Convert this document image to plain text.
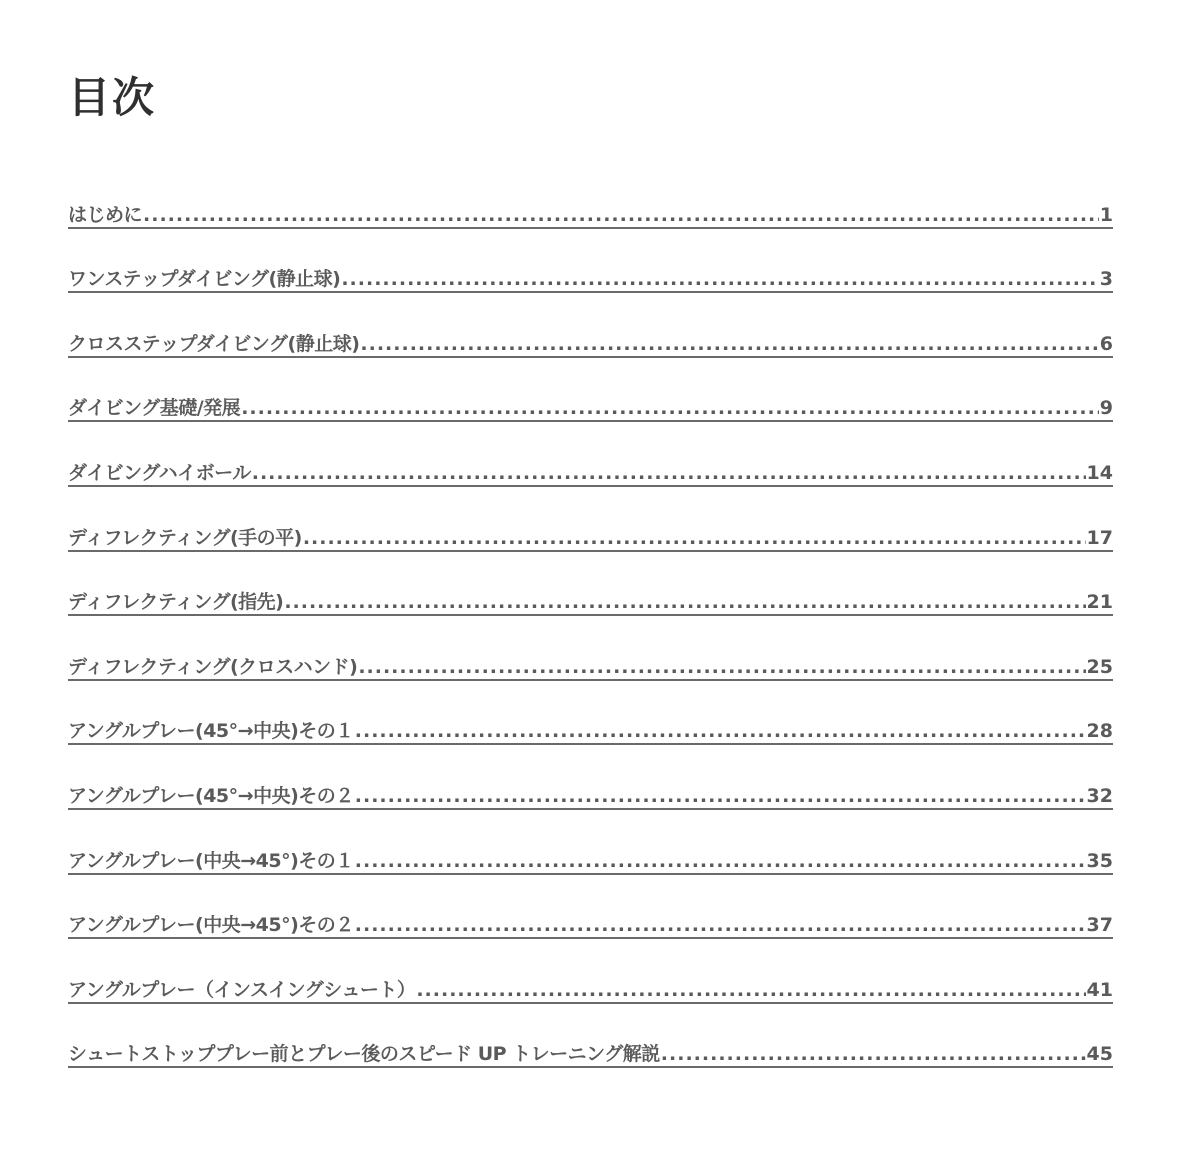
目次
はじめに .....	1
ワンステップダイビング(静止球) .....	3
クロスステップダイビング(静止球) .....	6
ダイビング基礎/発展 .....	9
ダイビングハイボール .....	14
ディフレクティング(手の平) .....	17
ディフレクティング(指先) .....	21
ディフレクティング(クロスハンド) .....	25
アングルプレー(45°→中央)その１ .....	28
アングルプレー(45°→中央)その２ .....	32
アングルプレー(中央→45°)その１ .....	35
アングルプレー(中央→45°)その２ .....	37
アングルプレー（インスイングシュート） .....	41
シュートストッププレー前とプレー後のスピード UP トレーニング解説 .....	45
